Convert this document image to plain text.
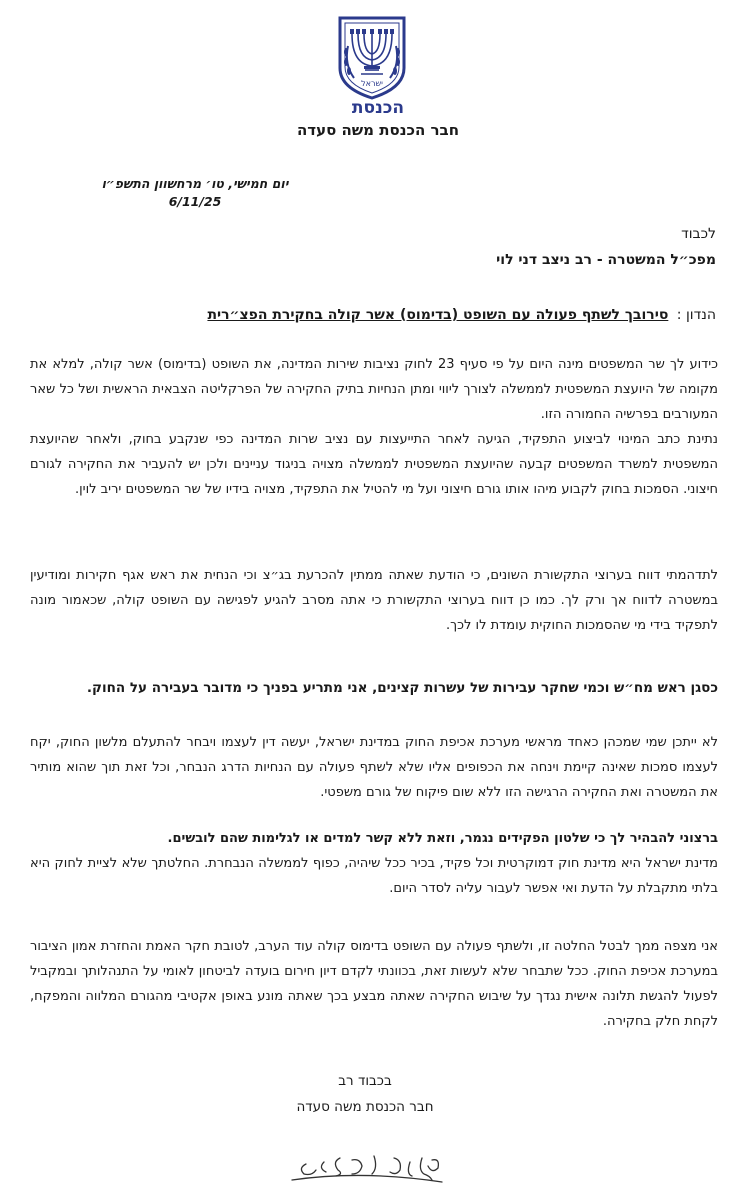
ישראל
הכנסת
חבר הכנסת משה סעדה
יום חמישי, טו׳ מרחשוון התשפ״ו
6/11/25
לכבוד
מפכ״ל המשטרה - רב ניצב דני לוי
הנדון : סירובך לשתף פעולה עם השופט (בדימוס) אשר קולה בחקירת הפצ״רית
כידוע לך שר המשפטים מינה היום על פי סעיף 23 לחוק נציבות שירות המדינה, את השופט (בדימוס) אשר קולה, למלא את מקומה של היועצת המשפטית לממשלה לצורך ליווי ומתן הנחיות בתיק החקירה של הפרקליטה הצבאית הראשית ושל כל שאר המעורבים בפרשיה החמורה הזו.
נתינת כתב המינוי לביצוע התפקיד, הגיעה לאחר התייעצות עם נציב שרות המדינה כפי שנקבע בחוק, ולאחר שהיועצת המשפטית למשרד המשפטים קבעה שהיועצת המשפטית לממשלה מצויה בניגוד עניינים ולכן יש להעביר את החקירה לגורם חיצוני. הסמכות בחוק לקבוע מיהו אותו גורם חיצוני ועל מי להטיל את התפקיד, מצויה בידיו של שר המשפטים יריב לוין.
לתדהמתי דווח בערוצי התקשורת השונים, כי הודעת שאתה ממתין להכרעת בג״צ וכי הנחית את ראש אגף חקירות ומודיעין במשטרה לדווח אך ורק לך. כמו כן דווח בערוצי התקשורת כי אתה מסרב להגיע לפגישה עם השופט קולה, שכאמור מונה לתפקיד בידי מי שהסמכות החוקית עומדת לו לכך.
כסגן ראש מח״ש וכמי שחקר עבירות של עשרות קצינים, אני מתריע בפניך כי מדובר בעבירה על החוק.
לא ייתכן שמי שמכהן כאחד מראשי מערכת אכיפת החוק במדינת ישראל, יעשה דין לעצמו ויבחר להתעלם מלשון החוק, יקח לעצמו סמכות שאינה קיימת וינחה את הכפופים אליו שלא לשתף פעולה עם הנחיות הדרג הנבחר, וכל זאת תוך שהוא מותיר את המשטרה ואת החקירה הרגישה הזו ללא שום פיקוח של גורם משפטי.
ברצוני להבהיר לך כי שלטון הפקידים נגמר, וזאת ללא קשר למדים או לגלימות שהם לובשים.
מדינת ישראל היא מדינת חוק דמוקרטית וכל פקיד, בכיר ככל שיהיה, כפוף לממשלה הנבחרת. החלטתך שלא לציית לחוק היא בלתי מתקבלת על הדעת ואי אפשר לעבור עליה לסדר היום.
אני מצפה ממך לבטל החלטה זו, ולשתף פעולה עם השופט בדימוס קולה עוד הערב, לטובת חקר האמת והחזרת אמון הציבור במערכת אכיפת החוק. ככל שתבחר שלא לעשות זאת, בכוונתי לקדם דיון חירום בועדה לביטחון לאומי על התנהלותך ובמקביל לפעול להגשת תלונה אישית נגדך על שיבוש החקירה שאתה מבצע בכך שאתה מונע באופן אקטיבי מהגורם המלווה והמפקח, לקחת חלק בחקירה.
בכבוד רב
חבר הכנסת משה סעדה
